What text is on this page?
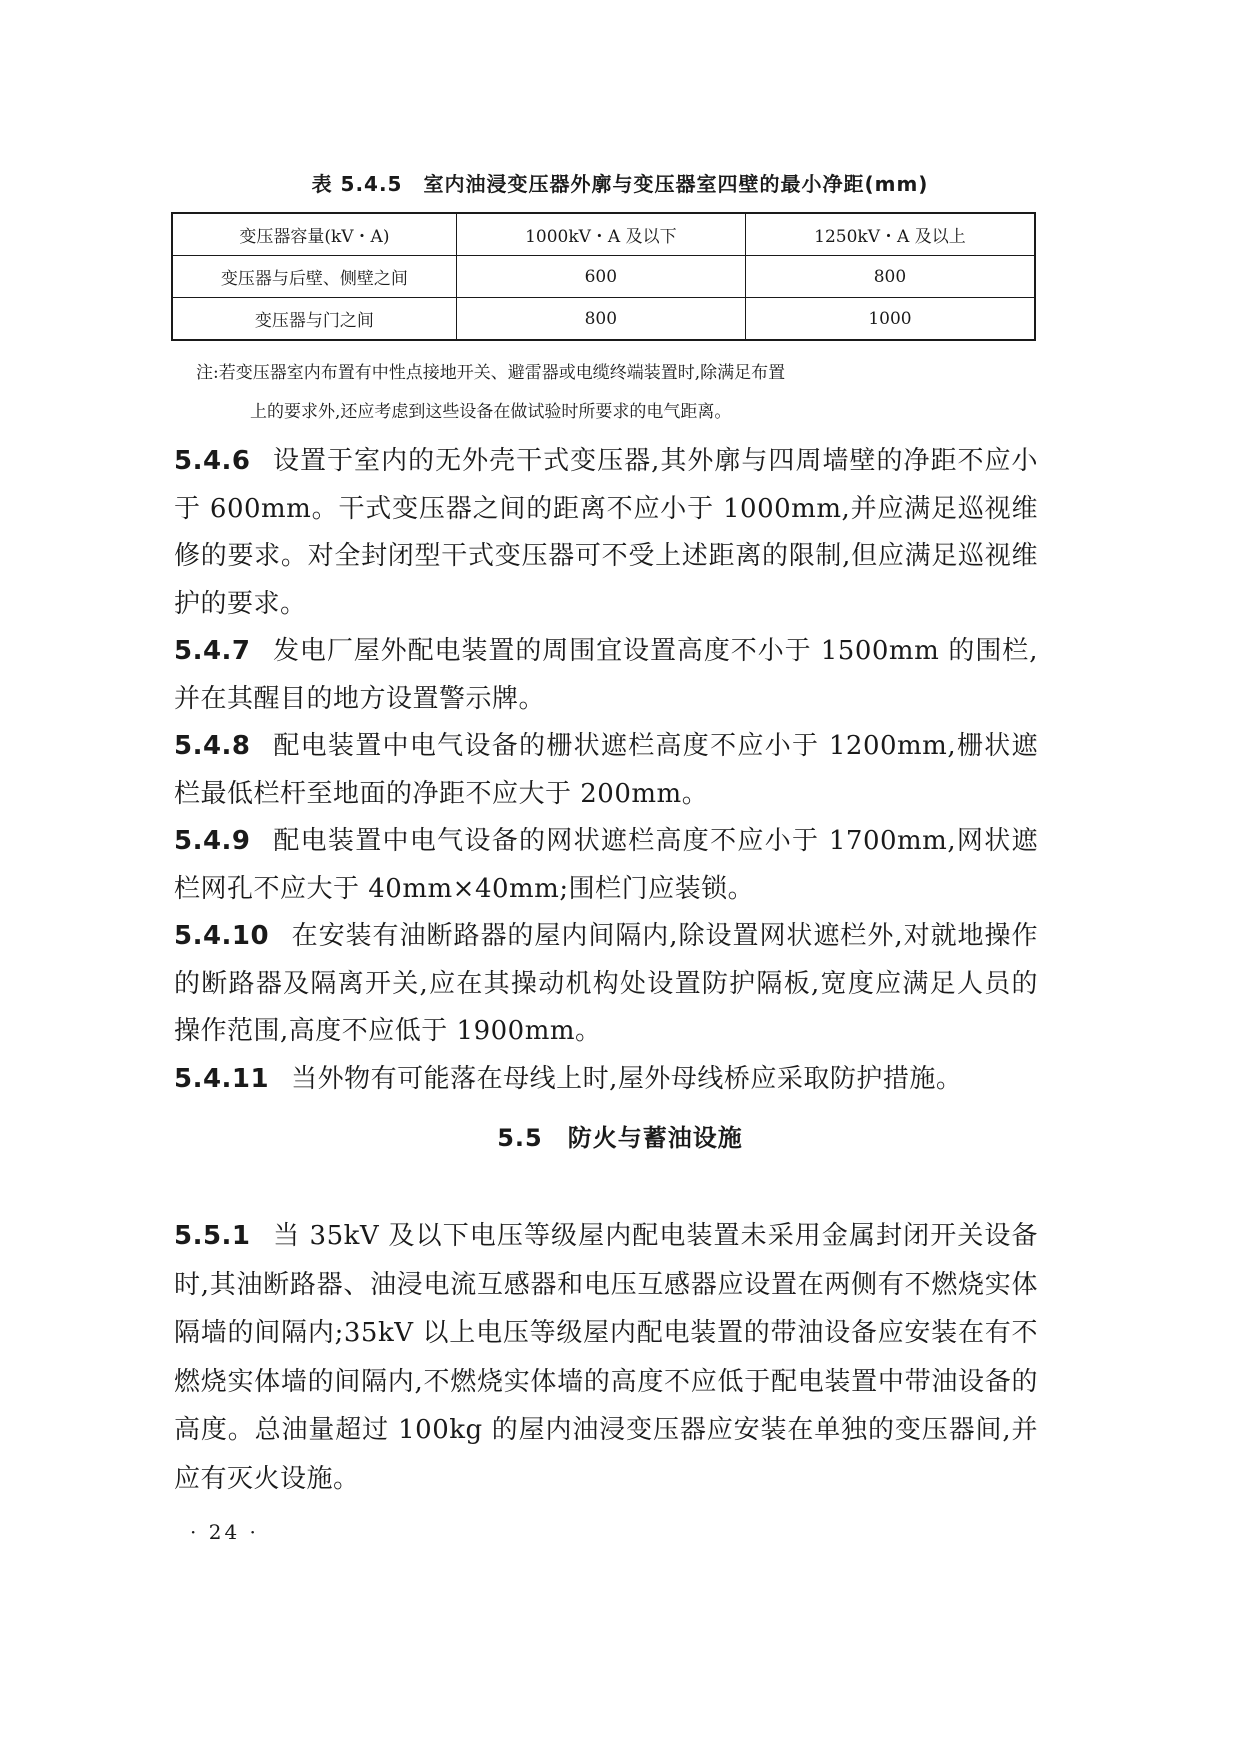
表 5.4.5　室内油浸变压器外廓与变压器室四壁的最小净距(mm)
变压器容量(kV・A)	1000kV・A 及以下	1250kV・A 及以上
变压器与后壁、侧壁之间	600	800
变压器与门之间	800	1000
注:若变压器室内布置有中性点接地开关、避雷器或电缆终端装置时,除满足布置
上的要求外,还应考虑到这些设备在做试验时所要求的电气距离。

5.4.6 设置于室内的无外壳干式变压器,其外廓与四周墙壁的净距不应小于 600mm。干式变压器之间的距离不应小于 1000mm,并应满足巡视维修的要求。对全封闭型干式变压器可不受上述距离的限制,但应满足巡视维护的要求。

5.4.7 发电厂屋外配电装置的周围宜设置高度不小于 1500mm 的围栏,并在其醒目的地方设置警示牌。

5.4.8 配电装置中电气设备的栅状遮栏高度不应小于 1200mm,栅状遮栏最低栏杆至地面的净距不应大于 200mm。

5.4.9 配电装置中电气设备的网状遮栏高度不应小于 1700mm,网状遮栏网孔不应大于 40mm×40mm;围栏门应装锁。

5.4.10 在安装有油断路器的屋内间隔内,除设置网状遮栏外,对就地操作的断路器及隔离开关,应在其操动机构处设置防护隔板,宽度应满足人员的操作范围,高度不应低于 1900mm。

5.4.11 当外物有可能落在母线上时,屋外母线桥应采取防护措施。

5.5　防火与蓄油设施

5.5.1 当 35kV 及以下电压等级屋内配电装置未采用金属封闭开关设备时,其油断路器、油浸电流互感器和电压互感器应设置在两侧有不燃烧实体隔墙的间隔内;35kV 以上电压等级屋内配电装置的带油设备应安装在有不燃烧实体墙的间隔内,不燃烧实体墙的高度不应低于配电装置中带油设备的高度。总油量超过 100kg 的屋内油浸变压器应安装在单独的变压器间,并应有灭火设施。

· 24 ·
